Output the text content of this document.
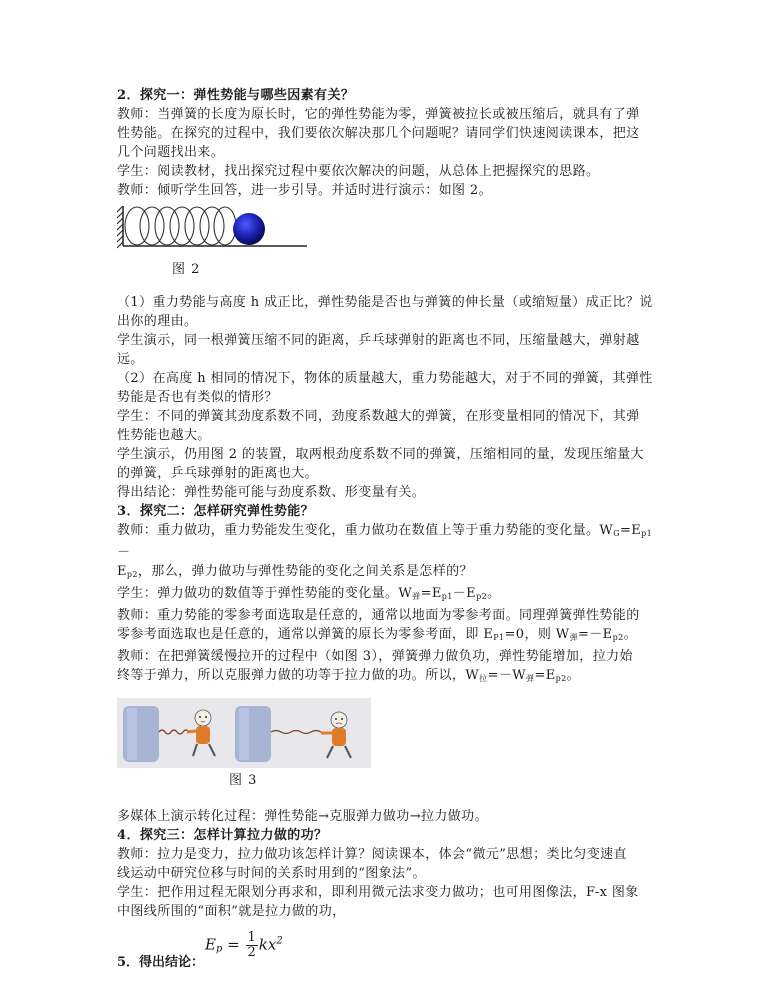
2．探究一：弹性势能与哪些因素有关？

教师：当弹簧的长度为原长时，它的弹性势能为零，弹簧被拉长或被压缩后，就具有了弹

性势能。在探究的过程中，我们要依次解决那几个问题呢？请同学们快速阅读课本，把这

几个问题找出来。

学生：阅读教材，找出探究过程中要依次解决的问题，从总体上把握探究的思路。

教师：倾听学生回答，进一步引导。并适时进行演示：如图 2。

图 2

（1）重力势能与高度 h 成正比，弹性势能是否也与弹簧的伸长量（或缩短量）成正比？说

出你的理由。

学生演示，同一根弹簧压缩不同的距离，乒乓球弹射的距离也不同，压缩量越大，弹射越

远。

（2）在高度 h 相同的情况下，物体的质量越大，重力势能越大，对于不同的弹簧，其弹性

势能是否也有类似的情形？

学生：不同的弹簧其劲度系数不同，劲度系数越大的弹簧，在形变量相同的情况下，其弹

性势能也越大。

学生演示，仍用图 2 的装置，取两根劲度系数不同的弹簧，压缩相同的量，发现压缩量大

的弹簧，乒乓球弹射的距离也大。

得出结论：弹性势能可能与劲度系数、形变量有关。

3．探究二：怎样研究弹性势能？

教师：重力做功，重力势能发生变化，重力做功在数值上等于重力势能的变化量。$W_G=E_{p1}-$

$E_{p2}$，那么，弹力做功与弹性势能的变化之间关系是怎样的？

学生：弹力做功的数值等于弹性势能的变化量。$W_弹=E_{p1}-E_{p2}$。

教师：重力势能的零参考面选取是任意的，通常以地面为零参考面。同理弹簧弹性势能的

零参考面选取也是任意的，通常以弹簧的原长为零参考面，即 $E_{P1}=0$，则 $W_弹=-E_{p2}$。

教师：在把弹簧缓慢拉开的过程中（如图 3），弹簧弹力做负功，弹性势能增加，拉力始

终等于弹力，所以克服弹力做的功等于拉力做的功。所以，$W_拉=-W_弹=E_{p2}$。

图 3

多媒体上演示转化过程：弹性势能→克服弹力做功→拉力做功。

4．探究三：怎样计算拉力做的功？

教师：拉力是变力，拉力做功该怎样计算？阅读课本，体会“微元”思想；类比匀变速直

线运动中研究位移与时间的关系时用到的“图象法”。

学生：把作用过程无限划分再求和，即利用微元法求变力做功；也可用图像法，F-x 图象

中图线所围的“面积”就是拉力做的功，

5．得出结论：
$E_p = \frac{1}{2} kx^2$
